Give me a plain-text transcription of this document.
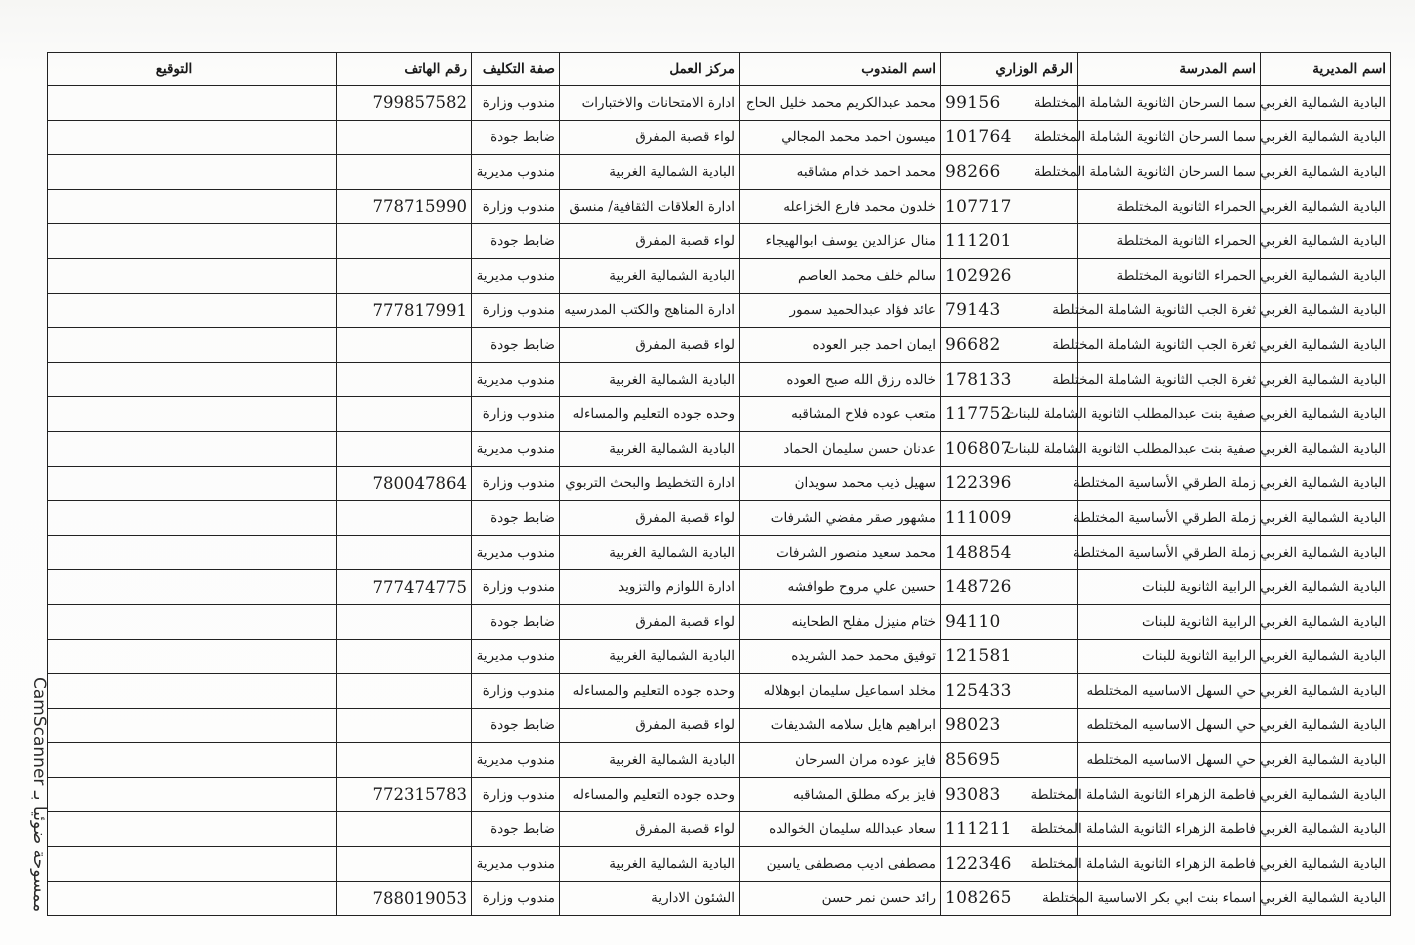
اسم المديرية	اسم المدرسة	الرقم الوزاري	اسم المندوب	مركز العمل	صفة التكليف	رقم الهاتف	التوقيع
البادية الشمالية الغربي	سما السرحان الثانوية الشاملة المختلطة	99156	محمد عبدالكريم محمد خليل الحاج	ادارة الامتحانات والاختبارات	مندوب وزارة	799857582	
البادية الشمالية الغربي	سما السرحان الثانوية الشاملة المختلطة	101764	ميسون احمد محمد المجالي	لواء قصبة المفرق	ضابط جودة		
البادية الشمالية الغربي	سما السرحان الثانوية الشاملة المختلطة	98266	محمد احمد خدام مشاقبه	البادية الشمالية الغربية	مندوب مديرية		
البادية الشمالية الغربي	الحمراء الثانوية المختلطة	107717	خلدون محمد فارع الخزاعله	ادارة العلاقات الثقافية/ منسق	مندوب وزارة	778715990	
البادية الشمالية الغربي	الحمراء الثانوية المختلطة	111201	منال عزالدين يوسف ابوالهيجاء	لواء قصبة المفرق	ضابط جودة		
البادية الشمالية الغربي	الحمراء الثانوية المختلطة	102926	سالم خلف محمد العاصم	البادية الشمالية الغربية	مندوب مديرية		
البادية الشمالية الغربي	ثغرة الجب الثانوية الشاملة المختلطة	79143	عائد فؤاد عبدالحميد سمور	ادارة المناهج والكتب المدرسيه	مندوب وزارة	777817991	
البادية الشمالية الغربي	ثغرة الجب الثانوية الشاملة المختلطة	96682	ايمان احمد جبر العوده	لواء قصبة المفرق	ضابط جودة		
البادية الشمالية الغربي	ثغرة الجب الثانوية الشاملة المختلطة	178133	خالده رزق الله صبح العوده	البادية الشمالية الغربية	مندوب مديرية		
البادية الشمالية الغربي	صفية بنت عبدالمطلب الثانوية الشاملة للبنات	117752	متعب عوده فلاح المشاقبه	وحده جوده التعليم والمساءله	مندوب وزارة		
البادية الشمالية الغربي	صفية بنت عبدالمطلب الثانوية الشاملة للبنات	106807	عدنان حسن سليمان الحماد	البادية الشمالية الغربية	مندوب مديرية		
البادية الشمالية الغربي	زملة الطرقي الأساسية المختلطة	122396	سهيل ذيب محمد سويدان	ادارة التخطيط والبحث التربوي	مندوب وزارة	780047864	
البادية الشمالية الغربي	زملة الطرقي الأساسية المختلطة	111009	مشهور صقر مفضي الشرفات	لواء قصبة المفرق	ضابط جودة		
البادية الشمالية الغربي	زملة الطرقي الأساسية المختلطة	148854	محمد سعيد منصور الشرفات	البادية الشمالية الغربية	مندوب مديرية		
البادية الشمالية الغربي	الرابية الثانوية للبنات	148726	حسين علي مروح طوافشه	ادارة اللوازم والتزويد	مندوب وزارة	777474775	
البادية الشمالية الغربي	الرابية الثانوية للبنات	94110	ختام منيزل مفلح الطحاينه	لواء قصبة المفرق	ضابط جودة		
البادية الشمالية الغربي	الرابية الثانوية للبنات	121581	توفيق محمد حمد الشريده	البادية الشمالية الغربية	مندوب مديرية		
البادية الشمالية الغربي	حي السهل الاساسيه المختلطه	125433	مخلد اسماعيل سليمان ابوهلاله	وحده جوده التعليم والمساءله	مندوب وزارة		
البادية الشمالية الغربي	حي السهل الاساسيه المختلطه	98023	ابراهيم هايل سلامه الشديفات	لواء قصبة المفرق	ضابط جودة		
البادية الشمالية الغربي	حي السهل الاساسيه المختلطه	85695	فايز عوده مران السرحان	البادية الشمالية الغربية	مندوب مديرية		
البادية الشمالية الغربي	فاطمة الزهراء الثانوية الشاملة المختلطة	93083	فايز بركه مطلق المشاقبه	وحده جوده التعليم والمساءله	مندوب وزارة	772315783	
البادية الشمالية الغربي	فاطمة الزهراء الثانوية الشاملة المختلطة	111211	سعاد عبدالله سليمان الخوالده	لواء قصبة المفرق	ضابط جودة		
البادية الشمالية الغربي	فاطمة الزهراء الثانوية الشاملة المختلطة	122346	مصطفى اديب مصطفى ياسين	البادية الشمالية الغربية	مندوب مديرية		
البادية الشمالية الغربي	اسماء بنت ابي بكر الاساسية المختلطة	108265	رائد حسن نمر حسن	الشئون الادارية	مندوب وزارة	788019053	
CamScanner ممسوحة ضوئيا بـ
